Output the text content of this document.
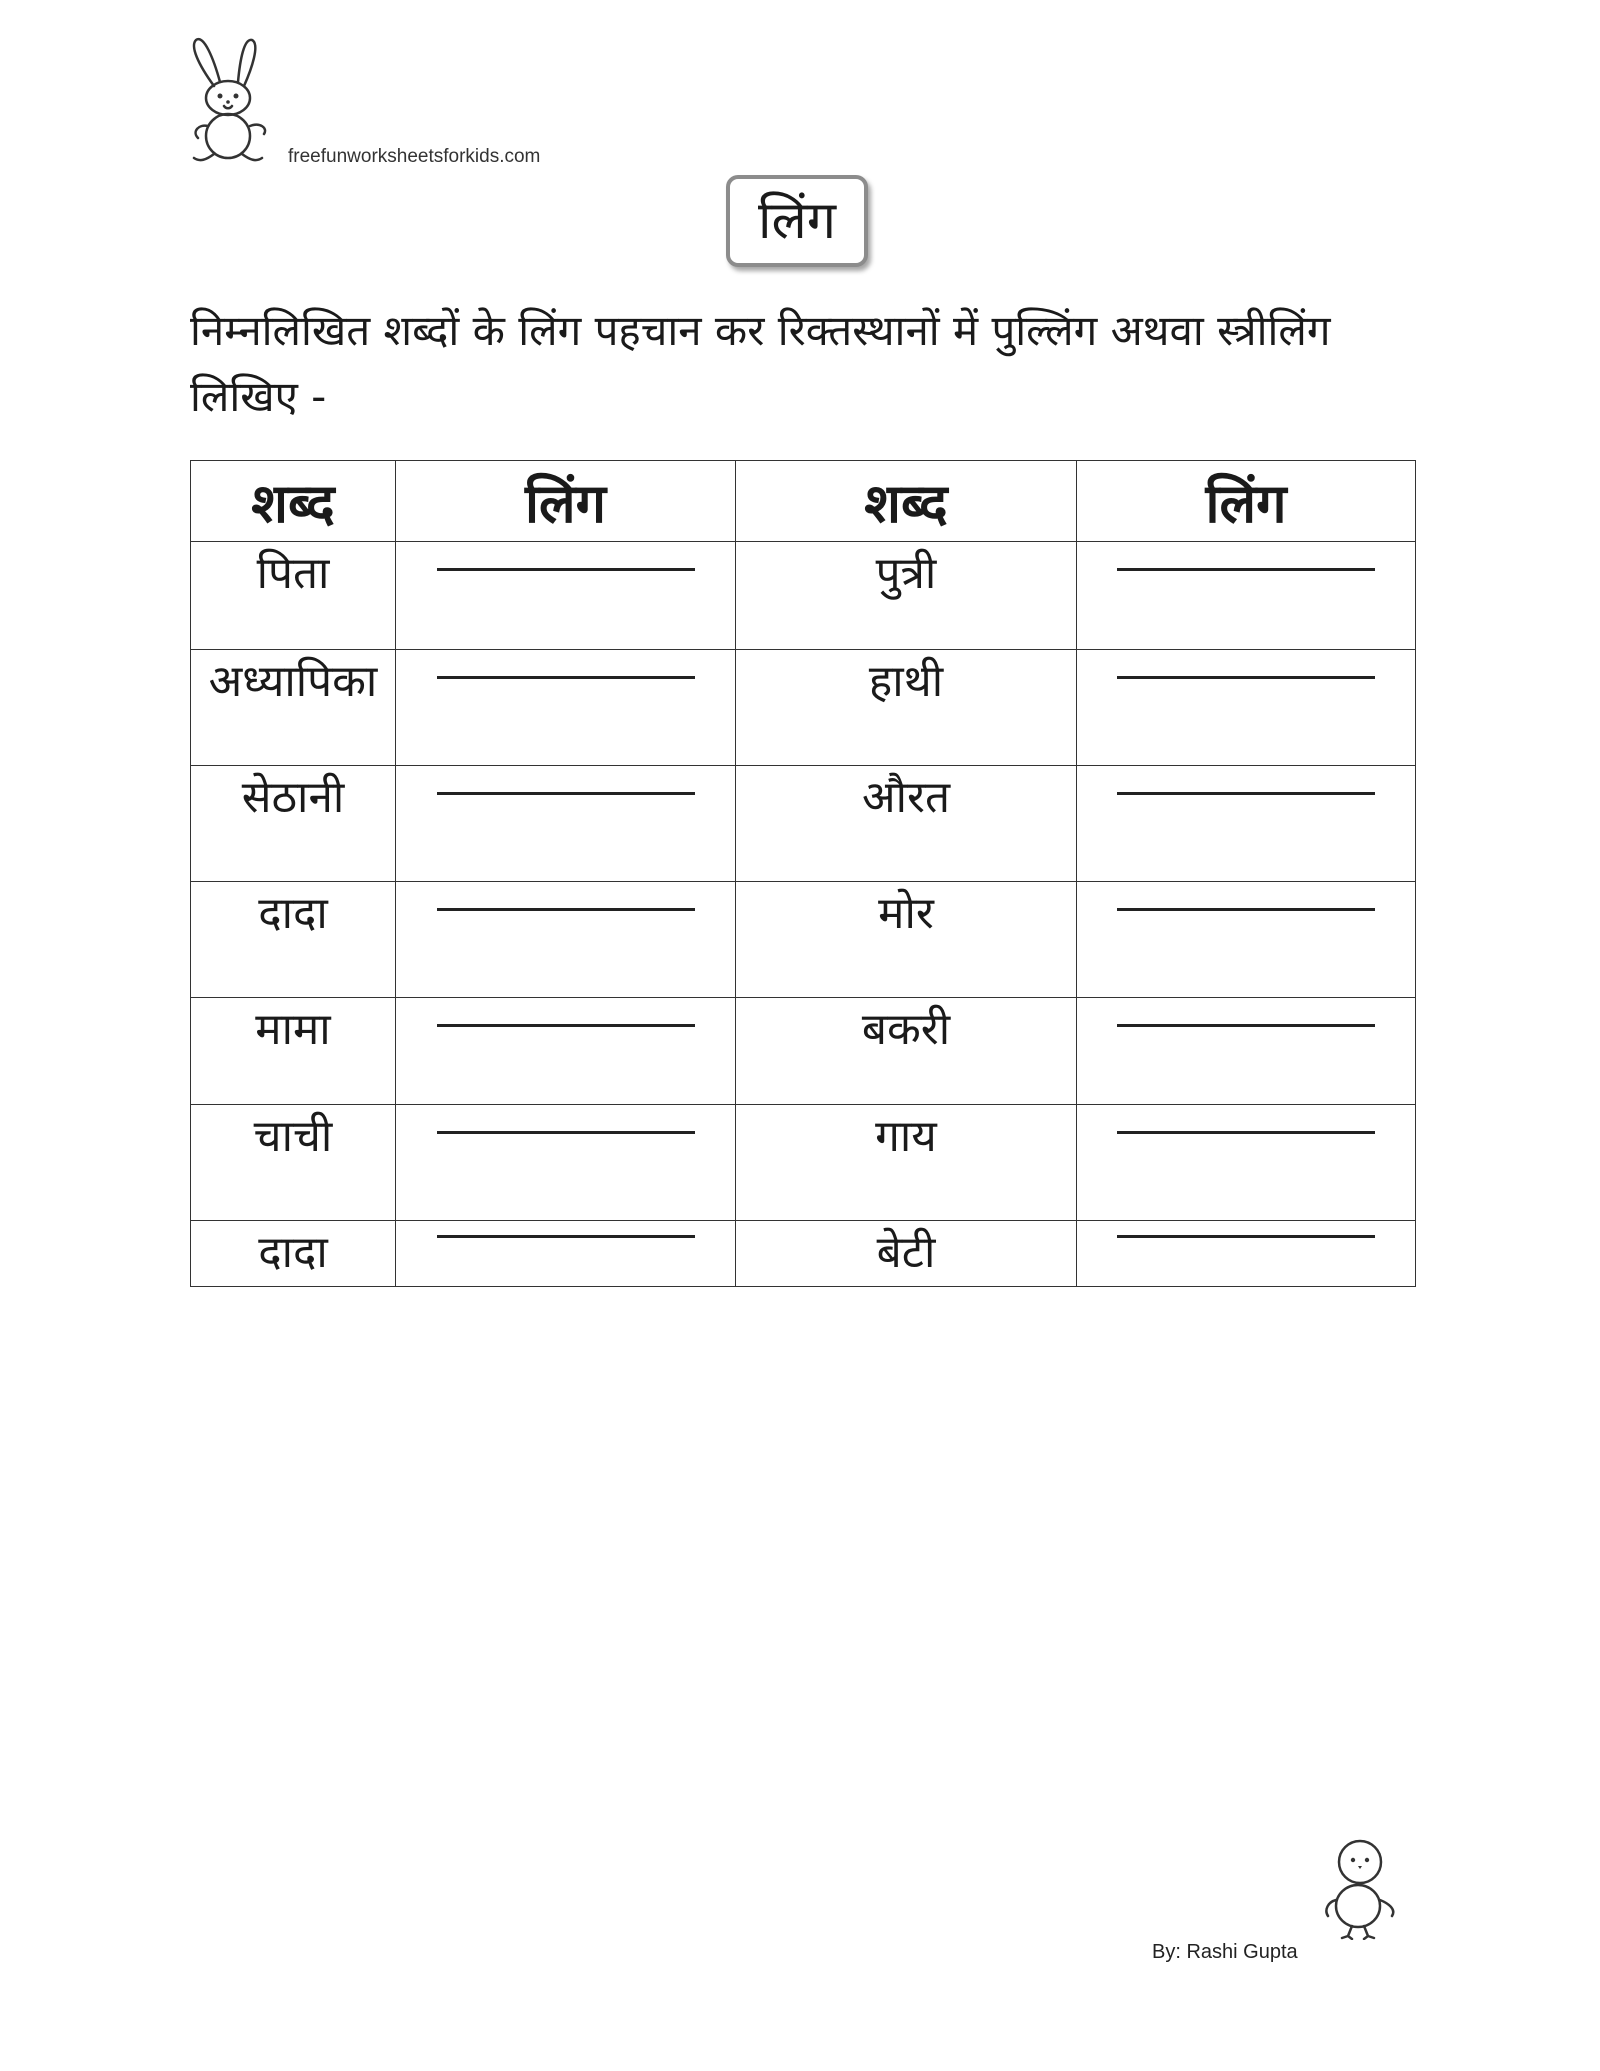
freefunworksheetsforkids.com
लिंग
निम्नलिखित शब्दों के लिंग पहचान कर रिक्तस्थानों में पुल्लिंग अथवा स्त्रीलिंग लिखिए -
शब्द	लिंग	शब्द	लिंग

पिता		पुत्री	

अध्यापिका		हाथी	

सेठानी		औरत	

दादा		मोर	

मामा		बकरी	

चाची		गाय	

दादा		बेटी	

By: Rashi Gupta
